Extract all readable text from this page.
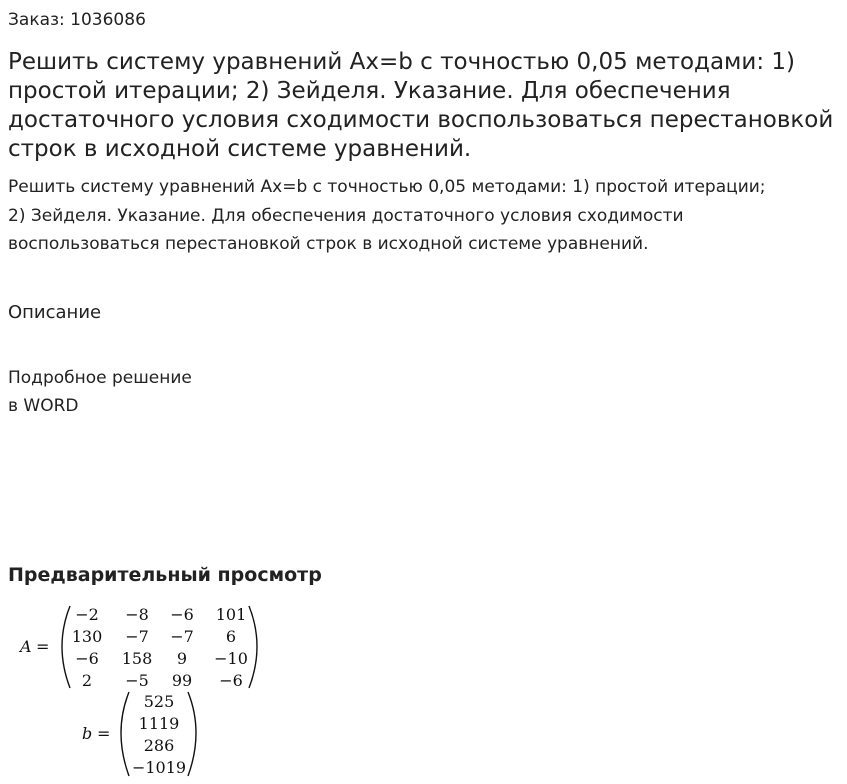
Заказ: 1036086

Решить систему уравнений Ax=b с точностью 0,05 методами: 1) простой итерации; 2) Зейделя. Указание. Для обеспечения достаточного условия сходимости воспользоваться перестановкой строк в исходной системе уравнений.

Решить систему уравнений Ax=b с точностью 0,05 методами: 1) простой итерации; 2) Зейделя. Указание. Для обеспечения достаточного условия сходимости воспользоваться перестановкой строк в исходной системе уравнений.

Описание

Подробное решение
в WORD

Предварительный просмотр
A =
−2 −8 −6 101
130 −7 −7 6
−6 158 9 −10
2 −5 99 −6
b =
525
1119
286
−1019
